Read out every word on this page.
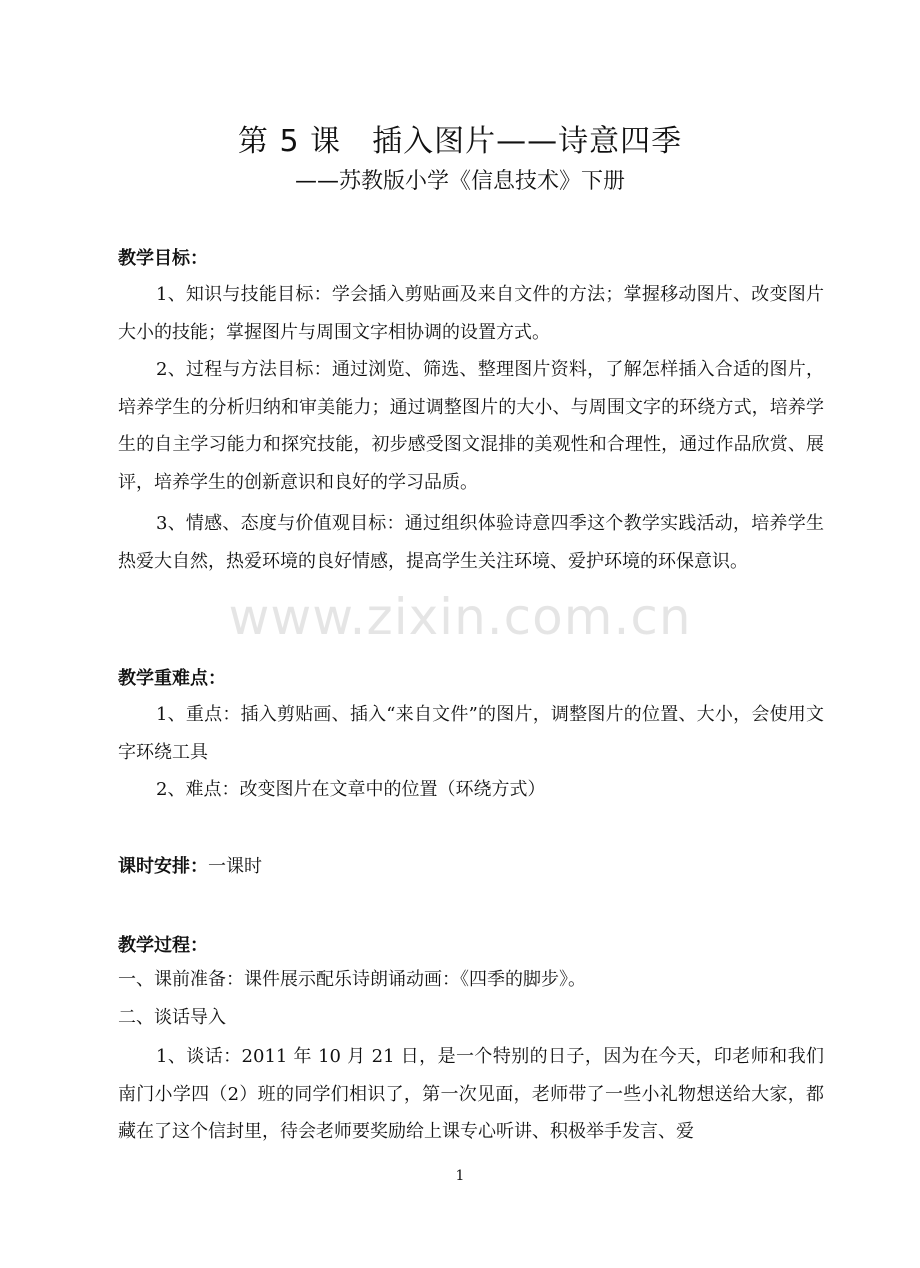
第 5 课　插入图片——诗意四季
——苏教版小学《信息技术》下册
教学目标：
1、知识与技能目标：学会插入剪贴画及来自文件的方法；掌握移动图片、改变图片大小的技能；掌握图片与周围文字相协调的设置方式。
2、过程与方法目标：通过浏览、筛选、整理图片资料，了解怎样插入合适的图片，培养学生的分析归纳和审美能力；通过调整图片的大小、与周围文字的环绕方式，培养学生的自主学习能力和探究技能，初步感受图文混排的美观性和合理性，通过作品欣赏、展评，培养学生的创新意识和良好的学习品质。
3、情感、态度与价值观目标：通过组织体验诗意四季这个教学实践活动，培养学生热爱大自然，热爱环境的良好情感，提高学生关注环境、爱护环境的环保意识。
www.zixin.com.cn
教学重难点：
1、重点：插入剪贴画、插入“来自文件”的图片，调整图片的位置、大小，会使用文字环绕工具
2、难点：改变图片在文章中的位置（环绕方式）
课时安排：一课时
教学过程：
一、课前准备：课件展示配乐诗朗诵动画：《四季的脚步》。
二、谈话导入
1、谈话：2011 年 10 月 21 日，是一个特别的日子，因为在今天，印老师和我们南门小学四（2）班的同学们相识了，第一次见面，老师带了一些小礼物想送给大家，都藏在了这个信封里，待会老师要奖励给上课专心听讲、积极举手发言、爱
1
